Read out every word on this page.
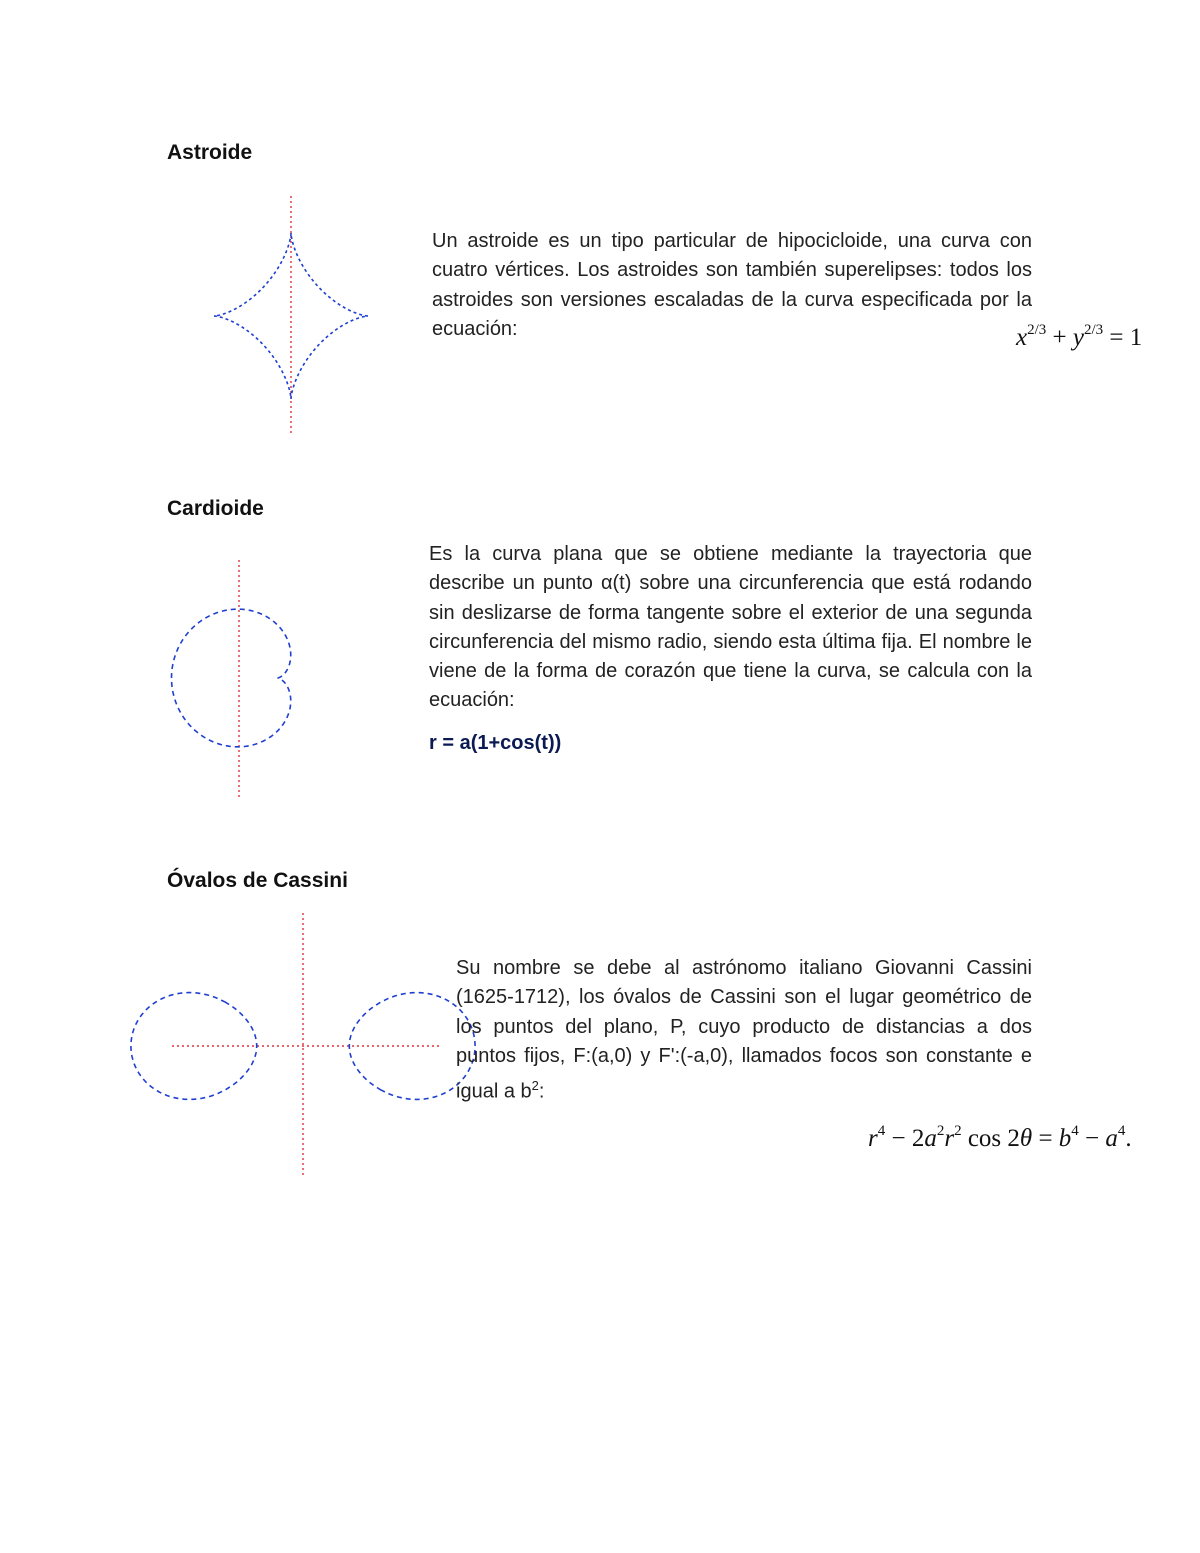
Astroide

Un astroide es un tipo particular de hipocicloide, una curva con cuatro vértices. Los astroides son también superelipses: todos los astroides son versiones escaladas de la curva especificada por la ecuación:	$x^{2/3} + y^{2/3} = 1$
Cardioide

Es la curva plana que se obtiene mediante la trayectoria que describe un punto α(t) sobre una circunferencia que está rodando sin deslizarse de forma tangente sobre el exterior de una segunda circunferencia del mismo radio, siendo esta última fija. El nombre le viene de la forma de corazón que tiene la curva, se calcula con la ecuación:

r = a(1+cos(t))

Óvalos de Cassini

Su nombre se debe al astrónomo italiano Giovanni Cassini (1625-1712), los óvalos de Cassini son el lugar geométrico de los puntos del plano, P, cuyo producto de distancias a dos puntos fijos, F:(a,0) y F':(-a,0), llamados focos son constante e igual a $b^2$:

$r^4 - 2a^2r^2$ $\cos 2\theta = b^4 - a^4$.
